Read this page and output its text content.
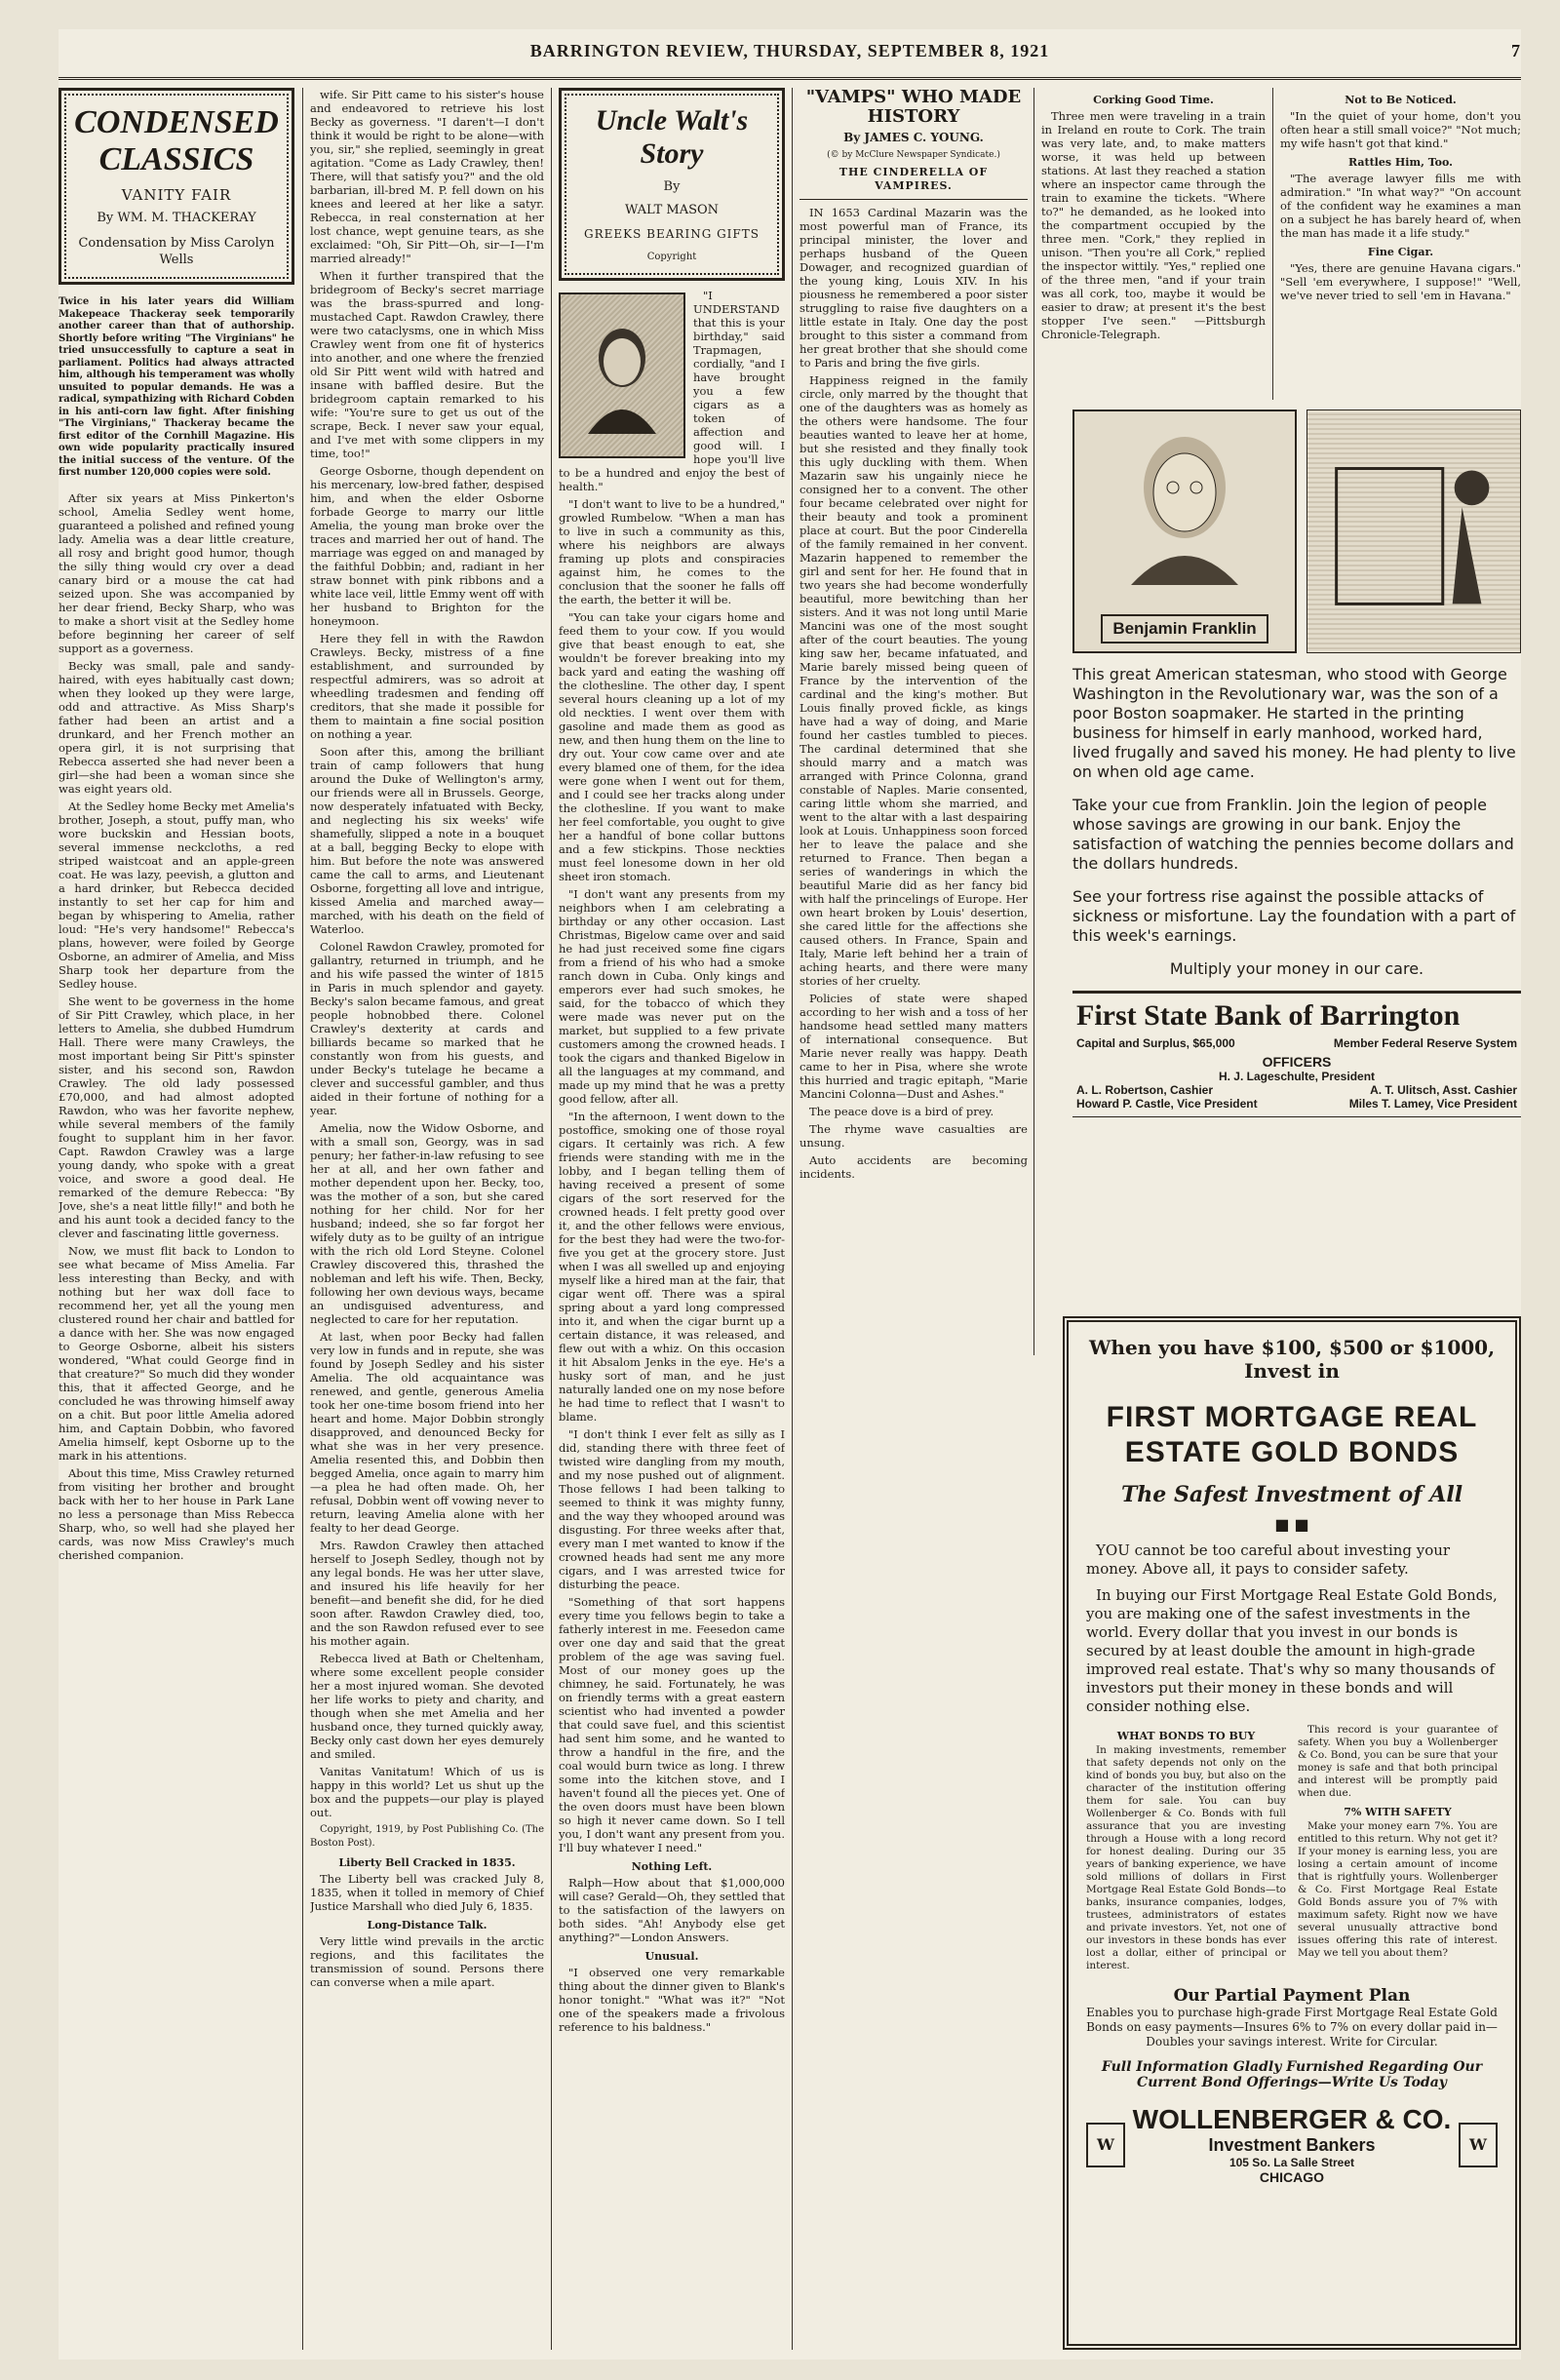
BARRINGTON REVIEW, THURSDAY, SEPTEMBER 8, 1921	7
CONDENSED CLASSICS
VANITY FAIR
By WM. M. THACKERAY
Condensation by Miss Carolyn Wells
Twice in his later years did William Makepeace Thackeray seek temporarily another career than that of authorship. Shortly before writing "The Virginians" he tried unsuccessfully to capture a seat in parliament. Politics had always attracted him, although his temperament was wholly unsuited to popular demands. He was a radical, sympathizing with Richard Cobden in his anti-corn law fight. After finishing "The Virginians," Thackeray became the first editor of the Cornhill Magazine. His own wide popularity practically insured the initial success of the venture. Of the first number 120,000 copies were sold.

After six years at Miss Pinkerton's school, Amelia Sedley went home, guaranteed a polished and refined young lady. Amelia was a dear little creature, all rosy and bright good humor, though the silly thing would cry over a dead canary bird or a mouse the cat had seized upon. She was accompanied by her dear friend, Becky Sharp, who was to make a short visit at the Sedley home before beginning her career of self support as a governess.

Becky was small, pale and sandy-haired, with eyes habitually cast down; when they looked up they were large, odd and attractive. As Miss Sharp's father had been an artist and a drunkard, and her French mother an opera girl, it is not surprising that Rebecca asserted she had never been a girl—she had been a woman since she was eight years old.

At the Sedley home Becky met Amelia's brother, Joseph, a stout, puffy man, who wore buckskin and Hessian boots, several immense neckcloths, a red striped waistcoat and an apple-green coat. He was lazy, peevish, a glutton and a hard drinker, but Rebecca decided instantly to set her cap for him and began by whispering to Amelia, rather loud: "He's very handsome!" Rebecca's plans, however, were foiled by George Osborne, an admirer of Amelia, and Miss Sharp took her departure from the Sedley house.

She went to be governess in the home of Sir Pitt Crawley, which place, in her letters to Amelia, she dubbed Humdrum Hall. There were many Crawleys, the most important being Sir Pitt's spinster sister, and his second son, Rawdon Crawley. The old lady possessed £70,000, and had almost adopted Rawdon, who was her favorite nephew, while several members of the family fought to supplant him in her favor. Capt. Rawdon Crawley was a large young dandy, who spoke with a great voice, and swore a good deal. He remarked of the demure Rebecca: "By Jove, she's a neat little filly!" and both he and his aunt took a decided fancy to the clever and fascinating little governess.

Now, we must flit back to London to see what became of Miss Amelia. Far less interesting than Becky, and with nothing but her wax doll face to recommend her, yet all the young men clustered round her chair and battled for a dance with her. She was now engaged to George Osborne, albeit his sisters wondered, "What could George find in that creature?" So much did they wonder this, that it affected George, and he concluded he was throwing himself away on a chit. But poor little Amelia adored him, and Captain Dobbin, who favored Amelia himself, kept Osborne up to the mark in his attentions.

About this time, Miss Crawley returned from visiting her brother and brought back with her to her house in Park Lane no less a personage than Miss Rebecca Sharp, who, so well had she played her cards, was now Miss Crawley's much cherished companion.

wife. Sir Pitt came to his sister's house and endeavored to retrieve his lost Becky as governess. "I daren't—I don't think it would be right to be alone—with you, sir," she replied, seemingly in great agitation. "Come as Lady Crawley, then! There, will that satisfy you?" and the old barbarian, ill-bred M. P. fell down on his knees and leered at her like a satyr. Rebecca, in real consternation at her lost chance, wept genuine tears, as she exclaimed: "Oh, Sir Pitt—Oh, sir—I—I'm married already!"

When it further transpired that the bridegroom of Becky's secret marriage was the brass-spurred and long-mustached Capt. Rawdon Crawley, there were two cataclysms, one in which Miss Crawley went from one fit of hysterics into another, and one where the frenzied old Sir Pitt went wild with hatred and insane with baffled desire. But the bridegroom captain remarked to his wife: "You're sure to get us out of the scrape, Beck. I never saw your equal, and I've met with some clippers in my time, too!"

George Osborne, though dependent on his mercenary, low-bred father, despised him, and when the elder Osborne forbade George to marry our little Amelia, the young man broke over the traces and married her out of hand. The marriage was egged on and managed by the faithful Dobbin; and, radiant in her straw bonnet with pink ribbons and a white lace veil, little Emmy went off with her husband to Brighton for the honeymoon.

Here they fell in with the Rawdon Crawleys. Becky, mistress of a fine establishment, and surrounded by respectful admirers, was so adroit at wheedling tradesmen and fending off creditors, that she made it possible for them to maintain a fine social position on nothing a year.

Soon after this, among the brilliant train of camp followers that hung around the Duke of Wellington's army, our friends were all in Brussels. George, now desperately infatuated with Becky, and neglecting his six weeks' wife shamefully, slipped a note in a bouquet at a ball, begging Becky to elope with him. But before the note was answered came the call to arms, and Lieutenant Osborne, forgetting all love and intrigue, kissed Amelia and marched away—marched, with his death on the field of Waterloo.

Colonel Rawdon Crawley, promoted for gallantry, returned in triumph, and he and his wife passed the winter of 1815 in Paris in much splendor and gayety. Becky's salon became famous, and great people hobnobbed there. Colonel Crawley's dexterity at cards and billiards became so marked that he constantly won from his guests, and under Becky's tutelage he became a clever and successful gambler, and thus aided in their fortune of nothing for a year.

Amelia, now the Widow Osborne, and with a small son, Georgy, was in sad penury; her father-in-law refusing to see her at all, and her own father and mother dependent upon her. Becky, too, was the mother of a son, but she cared nothing for her child. Nor for her husband; indeed, she so far forgot her wifely duty as to be guilty of an intrigue with the rich old Lord Steyne. Colonel Crawley discovered this, thrashed the nobleman and left his wife. Then, Becky, following her own devious ways, became an undisguised adventuress, and neglected to care for her reputation.

At last, when poor Becky had fallen very low in funds and in repute, she was found by Joseph Sedley and his sister Amelia. The old acquaintance was renewed, and gentle, generous Amelia took her one-time bosom friend into her heart and home. Major Dobbin strongly disapproved, and denounced Becky for what she was in her very presence. Amelia resented this, and Dobbin then begged Amelia, once again to marry him—a plea he had often made. Oh, her refusal, Dobbin went off vowing never to return, leaving Amelia alone with her fealty to her dead George.

Mrs. Rawdon Crawley then attached herself to Joseph Sedley, though not by any legal bonds. He was her utter slave, and insured his life heavily for her benefit—and benefit she did, for he died soon after. Rawdon Crawley died, too, and the son Rawdon refused ever to see his mother again.

Rebecca lived at Bath or Cheltenham, where some excellent people consider her a most injured woman. She devoted her life works to piety and charity, and though when she met Amelia and her husband once, they turned quickly away, Becky only cast down her eyes demurely and smiled.

Vanitas Vanitatum! Which of us is happy in this world? Let us shut up the box and the puppets—our play is played out.

Copyright, 1919, by Post Publishing Co. (The Boston Post).

Liberty Bell Cracked in 1835.

The Liberty bell was cracked July 8, 1835, when it tolled in memory of Chief Justice Marshall who died July 6, 1835.

Long-Distance Talk.

Very little wind prevails in the arctic regions, and this facilitates the transmission of sound. Persons there can converse when a mile apart.

Uncle Walt's Story
By
WALT MASON
GREEKS BEARING GIFTS
Copyright

"I UNDERSTAND that this is your birthday," said Trapmagen, cordially, "and I have brought you a few cigars as a token of affection and good will. I hope you'll live to be a hundred and enjoy the best of health."

"I don't want to live to be a hundred," growled Rumbelow. "When a man has to live in such a community as this, where his neighbors are always framing up plots and conspiracies against him, he comes to the conclusion that the sooner he falls off the earth, the better it will be.

"You can take your cigars home and feed them to your cow. If you would give that beast enough to eat, she wouldn't be forever breaking into my back yard and eating the washing off the clothesline. The other day, I spent several hours cleaning up a lot of my old neckties. I went over them with gasoline and made them as good as new, and then hung them on the line to dry out. Your cow came over and ate every blamed one of them, for the idea were gone when I went out for them, and I could see her tracks along under the clothesline. If you want to make her feel comfortable, you ought to give her a handful of bone collar buttons and a few stickpins. Those neckties must feel lonesome down in her old sheet iron stomach.

"I don't want any presents from my neighbors when I am celebrating a birthday or any other occasion. Last Christmas, Bigelow came over and said he had just received some fine cigars from a friend of his who had a smoke ranch down in Cuba. Only kings and emperors ever had such smokes, he said, for the tobacco of which they were made was never put on the market, but supplied to a few private customers among the crowned heads. I took the cigars and thanked Bigelow in all the languages at my command, and made up my mind that he was a pretty good fellow, after all.

"In the afternoon, I went down to the postoffice, smoking one of those royal cigars. It certainly was rich. A few friends were standing with me in the lobby, and I began telling them of having received a present of some cigars of the sort reserved for the crowned heads. I felt pretty good over it, and the other fellows were envious, for the best they had were the two-for-five you get at the grocery store. Just when I was all swelled up and enjoying myself like a hired man at the fair, that cigar went off. There was a spiral spring about a yard long compressed into it, and when the cigar burnt up a certain distance, it was released, and flew out with a whiz. On this occasion it hit Absalom Jenks in the eye. He's a husky sort of man, and he just naturally landed one on my nose before he had time to reflect that I wasn't to blame.

"I don't think I ever felt as silly as I did, standing there with three feet of twisted wire dangling from my mouth, and my nose pushed out of alignment. Those fellows I had been talking to seemed to think it was mighty funny, and the way they whooped around was disgusting. For three weeks after that, every man I met wanted to know if the crowned heads had sent me any more cigars, and I was arrested twice for disturbing the peace.

"Something of that sort happens every time you fellows begin to take a fatherly interest in me. Feesedon came over one day and said that the great problem of the age was saving fuel. Most of our money goes up the chimney, he said. Fortunately, he was on friendly terms with a great eastern scientist who had invented a powder that could save fuel, and this scientist had sent him some, and he wanted to throw a handful in the fire, and the coal would burn twice as long. I threw some into the kitchen stove, and I haven't found all the pieces yet. One of the oven doors must have been blown so high it never came down. So I tell you, I don't want any present from you. I'll buy whatever I need."

Nothing Left.

Ralph—How about that $1,000,000 will case? Gerald—Oh, they settled that to the satisfaction of the lawyers on both sides. "Ah! Anybody else get anything?"—London Answers.

Unusual.

"I observed one very remarkable thing about the dinner given to Blank's honor tonight." "What was it?" "Not one of the speakers made a frivolous reference to his baldness."

"VAMPS" WHO MADE HISTORY
By JAMES C. YOUNG.
(© by McClure Newspaper Syndicate.)
THE CINDERELLA OF VAMPIRES.

IN 1653 Cardinal Mazarin was the most powerful man of France, its principal minister, the lover and perhaps husband of the Queen Dowager, and recognized guardian of the young king, Louis XIV. In his piousness he remembered a poor sister struggling to raise five daughters on a little estate in Italy. One day the post brought to this sister a command from her great brother that she should come to Paris and bring the five girls.

Happiness reigned in the family circle, only marred by the thought that one of the daughters was as homely as the others were handsome. The four beauties wanted to leave her at home, but she resisted and they finally took this ugly duckling with them. When Mazarin saw his ungainly niece he consigned her to a convent. The other four became celebrated over night for their beauty and took a prominent place at court. But the poor Cinderella of the family remained in her convent. Mazarin happened to remember the girl and sent for her. He found that in two years she had become wonderfully beautiful, more bewitching than her sisters. And it was not long until Marie Mancini was one of the most sought after of the court beauties. The young king saw her, became infatuated, and Marie barely missed being queen of France by the intervention of the cardinal and the king's mother. But Louis finally proved fickle, as kings have had a way of doing, and Marie found her castles tumbled to pieces. The cardinal determined that she should marry and a match was arranged with Prince Colonna, grand constable of Naples. Marie consented, caring little whom she married, and went to the altar with a last despairing look at Louis. Unhappiness soon forced her to leave the palace and she returned to France. Then began a series of wanderings in which the beautiful Marie did as her fancy bid with half the princelings of Europe. Her own heart broken by Louis' desertion, she cared little for the affections she caused others. In France, Spain and Italy, Marie left behind her a train of aching hearts, and there were many stories of her cruelty.

Policies of state were shaped according to her wish and a toss of her handsome head settled many matters of international consequence. But Marie never really was happy. Death came to her in Pisa, where she wrote this hurried and tragic epitaph, "Marie Mancini Colonna—Dust and Ashes."

The peace dove is a bird of prey.

The rhyme wave casualties are unsung.

Auto accidents are becoming incidents.

Corking Good Time.

Three men were traveling in a train in Ireland en route to Cork. The train was very late, and, to make matters worse, it was held up between stations. At last they reached a station where an inspector came through the train to examine the tickets. "Where to?" he demanded, as he looked into the compartment occupied by the three men. "Cork," they replied in unison. "Then you're all Cork," replied the inspector wittily. "Yes," replied one of the three men, "and if your train was all cork, too, maybe it would be easier to draw; at present it's the best stopper I've seen." —Pittsburgh Chronicle-Telegraph.

Not to Be Noticed.

"In the quiet of your home, don't you often hear a still small voice?" "Not much; my wife hasn't got that kind."

Rattles Him, Too.

"The average lawyer fills me with admiration." "In what way?" "On account of the confident way he examines a man on a subject he has barely heard of, when the man has made it a life study."

Fine Cigar.

"Yes, there are genuine Havana cigars." "Sell 'em everywhere, I suppose!" "Well, we've never tried to sell 'em in Havana."

Benjamin Franklin

This great American statesman, who stood with George Washington in the Revolutionary war, was the son of a poor Boston soapmaker. He started in the printing business for himself in early manhood, worked hard, lived frugally and saved his money. He had plenty to live on when old age came.

Take your cue from Franklin. Join the legion of people whose savings are growing in our bank. Enjoy the satisfaction of watching the pennies become dollars and the dollars hundreds.

See your fortress rise against the possible attacks of sickness or misfortune. Lay the foundation with a part of this week's earnings.

Multiply your money in our care.

First State Bank of Barrington
Capital and Surplus, $65,000	Member Federal Reserve System
OFFICERS
H. J. Lageschulte, President
A. L. Robertson, Cashier	A. T. Ulitsch, Asst. Cashier
Howard P. Castle, Vice President	Miles T. Lamey, Vice President
When you have $100, $500 or $1000, Invest in
FIRST MORTGAGE REAL ESTATE GOLD BONDS
The Safest Investment of All
■ ■

YOU cannot be too careful about investing your money. Above all, it pays to consider safety.

In buying our First Mortgage Real Estate Gold Bonds, you are making one of the safest investments in the world. Every dollar that you invest in our bonds is secured by at least double the amount in high-grade improved real estate. That's why so many thousands of investors put their money in these bonds and will consider nothing else.

WHAT BONDS TO BUY

In making investments, remember that safety depends not only on the kind of bonds you buy, but also on the character of the institution offering them for sale. You can buy Wollenberger & Co. Bonds with full assurance that you are investing through a House with a long record for honest dealing. During our 35 years of banking experience, we have sold millions of dollars in First Mortgage Real Estate Gold Bonds—to banks, insurance companies, lodges, trustees, administrators of estates and private investors. Yet, not one of our investors in these bonds has ever lost a dollar, either of principal or interest.

This record is your guarantee of safety. When you buy a Wollenberger & Co. Bond, you can be sure that your money is safe and that both principal and interest will be promptly paid when due.

7% WITH SAFETY

Make your money earn 7%. You are entitled to this return. Why not get it? If your money is earning less, you are losing a certain amount of income that is rightfully yours. Wollenberger & Co. First Mortgage Real Estate Gold Bonds assure you of 7% with maximum safety. Right now we have several unusually attractive bond issues offering this rate of interest. May we tell you about them?

Our Partial Payment Plan

Enables you to purchase high-grade First Mortgage Real Estate Gold Bonds on easy payments—Insures 6% to 7% on every dollar paid in—Doubles your savings interest. Write for Circular.

Full Information Gladly Furnished Regarding Our Current Bond Offerings—Write Us Today
W
WOLLENBERGER & CO.
Investment Bankers
105 So. La Salle Street
CHICAGO
W
